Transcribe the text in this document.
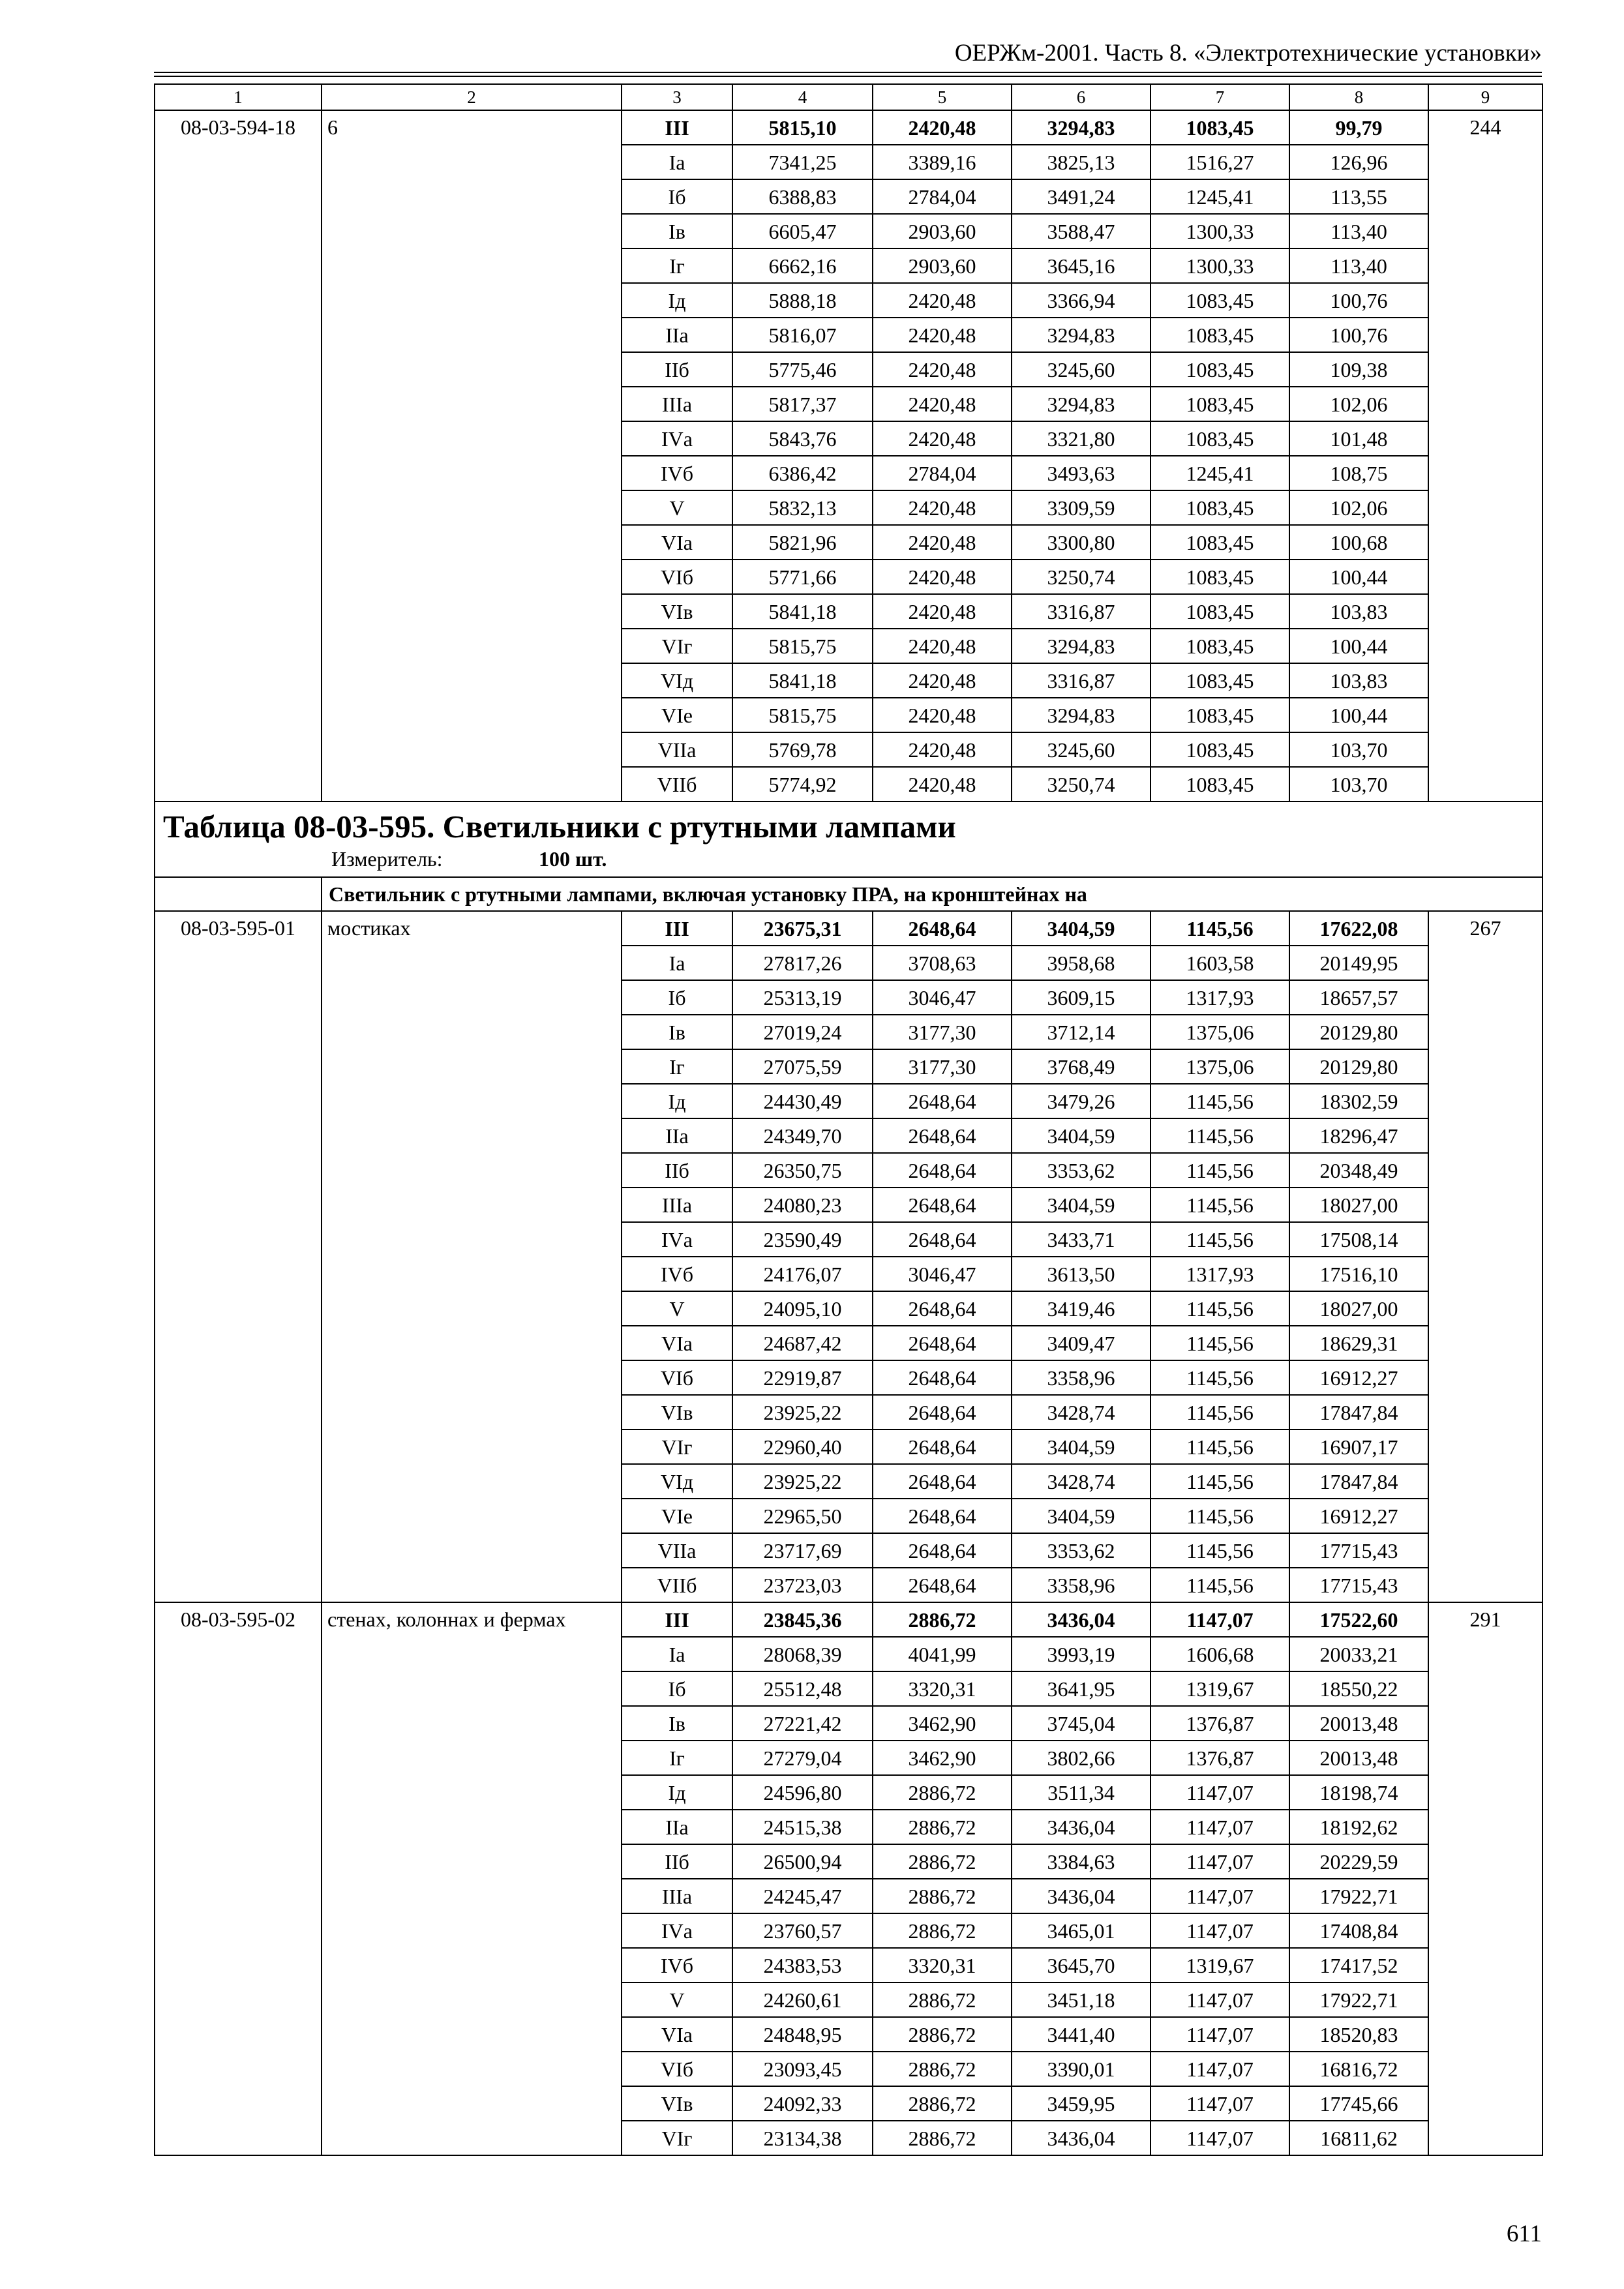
ОЕРЖм-2001. Часть 8. «Электротехнические установки»
1	2	3	4	5	6	7	8	9
08-03-594-18	6	III	5815,10	2420,48	3294,83	1083,45	99,79	244
		Iа	7341,25	3389,16	3825,13	1516,27	126,96	
		Iб	6388,83	2784,04	3491,24	1245,41	113,55	
		Iв	6605,47	2903,60	3588,47	1300,33	113,40	
		Iг	6662,16	2903,60	3645,16	1300,33	113,40	
		Iд	5888,18	2420,48	3366,94	1083,45	100,76	
		IIа	5816,07	2420,48	3294,83	1083,45	100,76	
		IIб	5775,46	2420,48	3245,60	1083,45	109,38	
		IIIа	5817,37	2420,48	3294,83	1083,45	102,06	
		IVа	5843,76	2420,48	3321,80	1083,45	101,48	
		IVб	6386,42	2784,04	3493,63	1245,41	108,75	
		V	5832,13	2420,48	3309,59	1083,45	102,06	
		VIа	5821,96	2420,48	3300,80	1083,45	100,68	
		VIб	5771,66	2420,48	3250,74	1083,45	100,44	
		VIв	5841,18	2420,48	3316,87	1083,45	103,83	
		VIг	5815,75	2420,48	3294,83	1083,45	100,44	
		VIд	5841,18	2420,48	3316,87	1083,45	103,83	
		VIе	5815,75	2420,48	3294,83	1083,45	100,44	
		VIIа	5769,78	2420,48	3245,60	1083,45	103,70	
		VIIб	5774,92	2420,48	3250,74	1083,45	103,70	

Таблица 08-03-595. Светильники с ртутными лампами
Измеритель: 100 шт.								

	Светильник с ртутными лампами, включая установку ПРА, на кронштейнах на							
08-03-595-01	мостиках	III	23675,31	2648,64	3404,59	1145,56	17622,08	267
		Iа	27817,26	3708,63	3958,68	1603,58	20149,95	
		Iб	25313,19	3046,47	3609,15	1317,93	18657,57	
		Iв	27019,24	3177,30	3712,14	1375,06	20129,80	
		Iг	27075,59	3177,30	3768,49	1375,06	20129,80	
		Iд	24430,49	2648,64	3479,26	1145,56	18302,59	
		IIа	24349,70	2648,64	3404,59	1145,56	18296,47	
		IIб	26350,75	2648,64	3353,62	1145,56	20348,49	
		IIIа	24080,23	2648,64	3404,59	1145,56	18027,00	
		IVа	23590,49	2648,64	3433,71	1145,56	17508,14	
		IVб	24176,07	3046,47	3613,50	1317,93	17516,10	
		V	24095,10	2648,64	3419,46	1145,56	18027,00	
		VIа	24687,42	2648,64	3409,47	1145,56	18629,31	
		VIб	22919,87	2648,64	3358,96	1145,56	16912,27	
		VIв	23925,22	2648,64	3428,74	1145,56	17847,84	
		VIг	22960,40	2648,64	3404,59	1145,56	16907,17	
		VIд	23925,22	2648,64	3428,74	1145,56	17847,84	
		VIе	22965,50	2648,64	3404,59	1145,56	16912,27	
		VIIа	23717,69	2648,64	3353,62	1145,56	17715,43	
		VIIб	23723,03	2648,64	3358,96	1145,56	17715,43	
08-03-595-02	стенах, колоннах и фермах	III	23845,36	2886,72	3436,04	1147,07	17522,60	291
		Iа	28068,39	4041,99	3993,19	1606,68	20033,21	
		Iб	25512,48	3320,31	3641,95	1319,67	18550,22	
		Iв	27221,42	3462,90	3745,04	1376,87	20013,48	
		Iг	27279,04	3462,90	3802,66	1376,87	20013,48	
		Iд	24596,80	2886,72	3511,34	1147,07	18198,74	
		IIа	24515,38	2886,72	3436,04	1147,07	18192,62	
		IIб	26500,94	2886,72	3384,63	1147,07	20229,59	
		IIIа	24245,47	2886,72	3436,04	1147,07	17922,71	
		IVа	23760,57	2886,72	3465,01	1147,07	17408,84	
		IVб	24383,53	3320,31	3645,70	1319,67	17417,52	
		V	24260,61	2886,72	3451,18	1147,07	17922,71	
		VIа	24848,95	2886,72	3441,40	1147,07	18520,83	
		VIб	23093,45	2886,72	3390,01	1147,07	16816,72	
		VIв	24092,33	2886,72	3459,95	1147,07	17745,66	
		VIг	23134,38	2886,72	3436,04	1147,07	16811,62	
611
